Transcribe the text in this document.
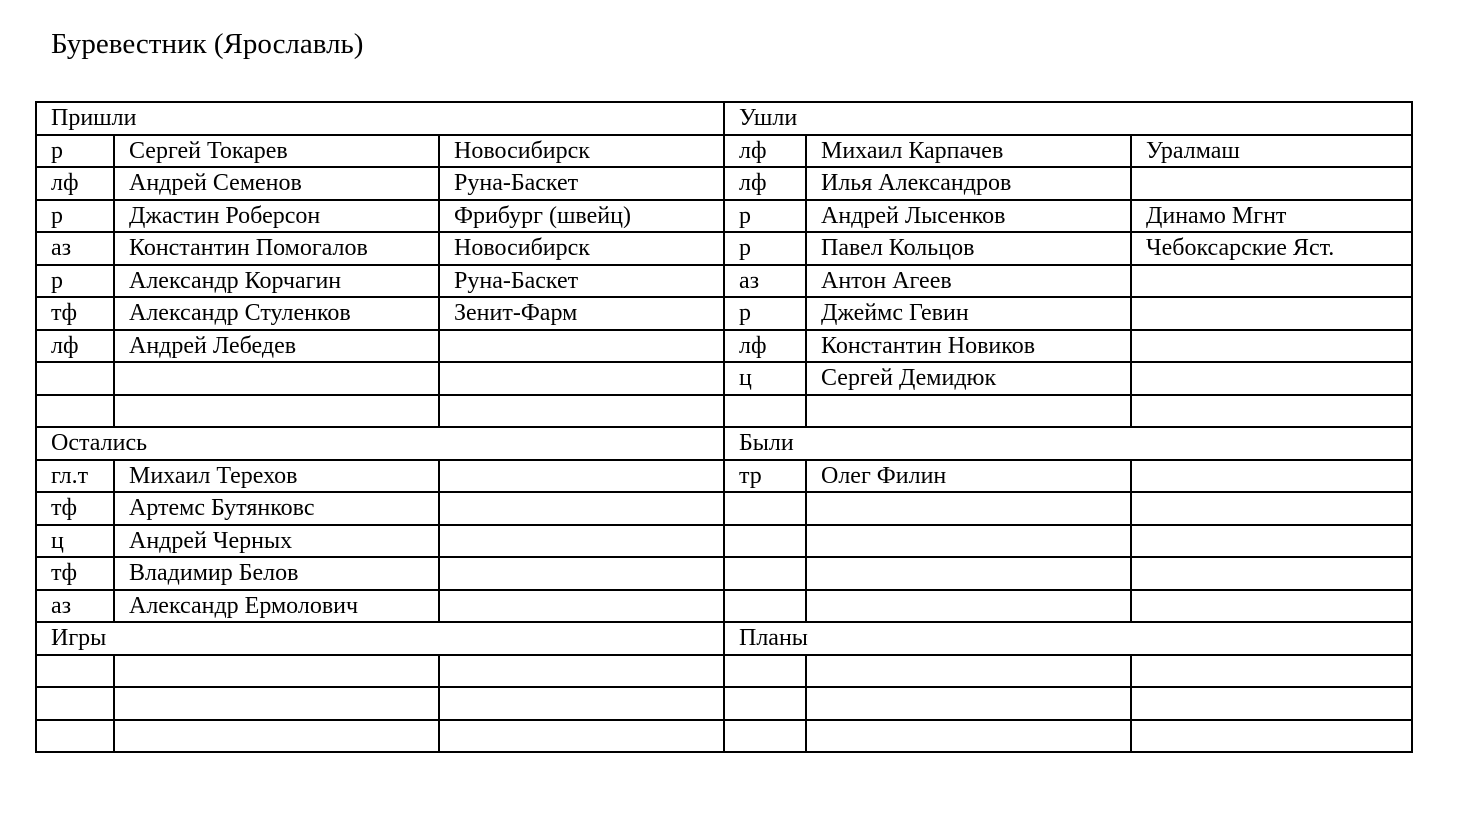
Буревестник (Ярославль)
Пришли			Ушли		
р	Сергей Токарев	Новосибирск	лф	Михаил Карпачев	Уралмаш
лф	Андрей Семенов	Руна-Баскет	лф	Илья Александров	
р	Джастин Роберсон	Фрибург (швейц)	р	Андрей Лысенков	Динамо Мгнт
аз	Константин Помогалов	Новосибирск	р	Павел Кольцов	Чебоксарские Яст.
р	Александр Корчагин	Руна-Баскет	аз	Антон Агеев	
тф	Александр Стуленков	Зенит-Фарм	р	Джеймс Гевин	
лф	Андрей Лебедев		лф	Константин Новиков	
			ц	Сергей Демидюк	

Остались			Были		
гл.т	Михаил Терехов		тр	Олег Филин	
тф	Артемс Бутянковс				
ц	Андрей Черных				
тф	Владимир Белов				
аз	Александр Ермолович				
Игры			Планы		
